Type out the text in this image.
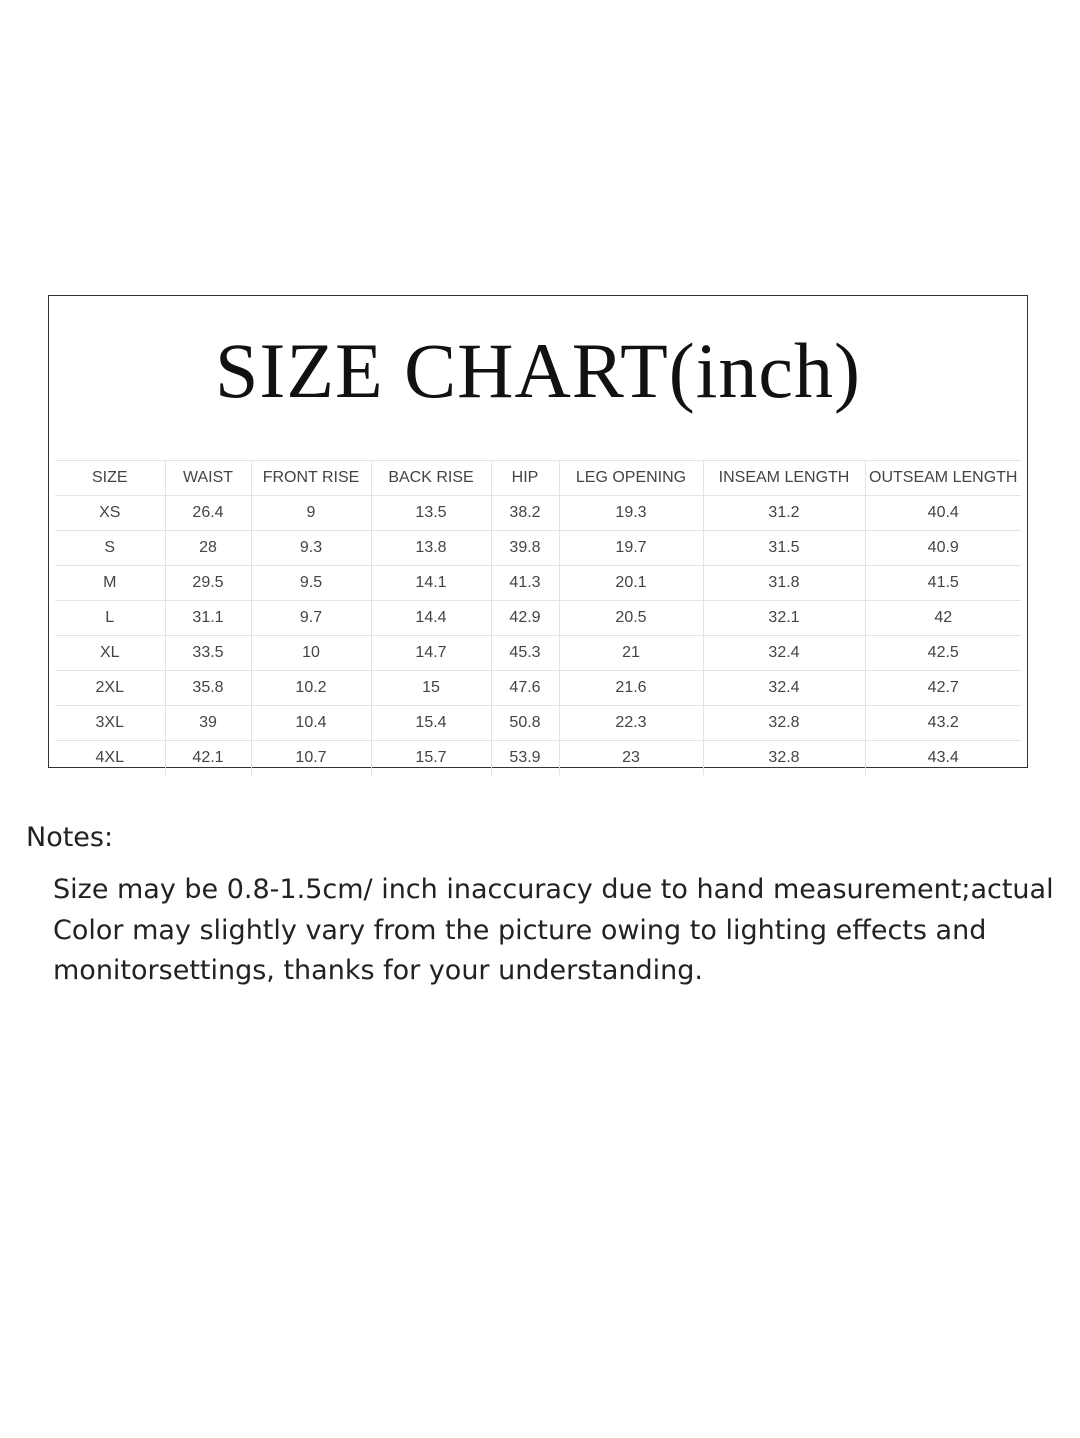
SIZE CHART(inch)
SIZE	WAIST	FRONT RISE	BACK RISE	HIP	LEG OPENING	INSEAM LENGTH	OUTSEAM LENGTH
XS	26.4	9	13.5	38.2	19.3	31.2	40.4
S	28	9.3	13.8	39.8	19.7	31.5	40.9
M	29.5	9.5	14.1	41.3	20.1	31.8	41.5
L	31.1	9.7	14.4	42.9	20.5	32.1	42
XL	33.5	10	14.7	45.3	21	32.4	42.5
2XL	35.8	10.2	15	47.6	21.6	32.4	42.7
3XL	39	10.4	15.4	50.8	22.3	32.8	43.2
4XL	42.1	10.7	15.7	53.9	23	32.8	43.4
Notes:
Size may be 0.8-1.5cm/ inch inaccuracy due to hand measurement;actual
Color may slightly vary from the picture owing to lighting effects and
monitorsettings, thanks for your understanding.
